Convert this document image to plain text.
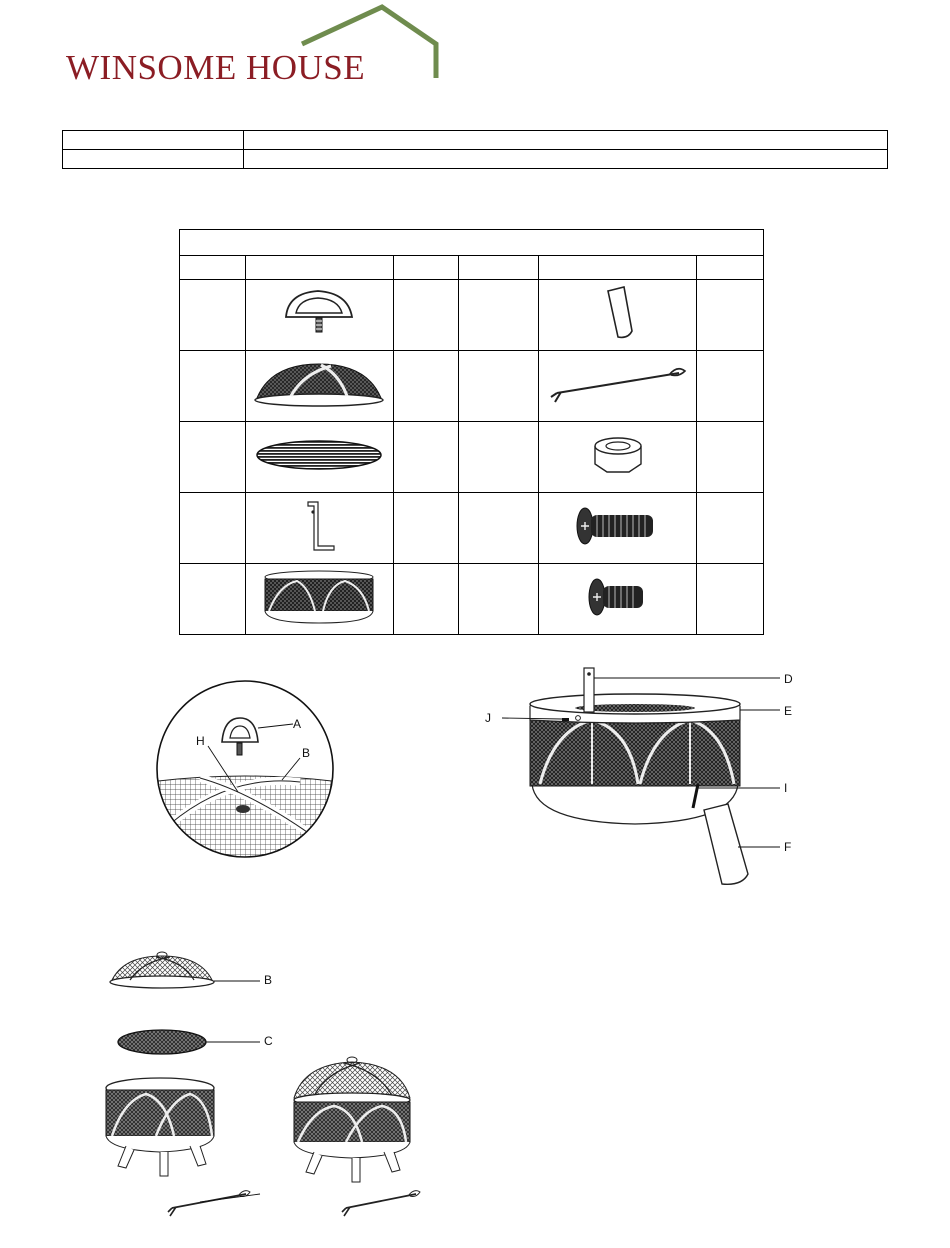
WINSOME HOUSE

A
H
B
D
E
J
I
F
B
C
